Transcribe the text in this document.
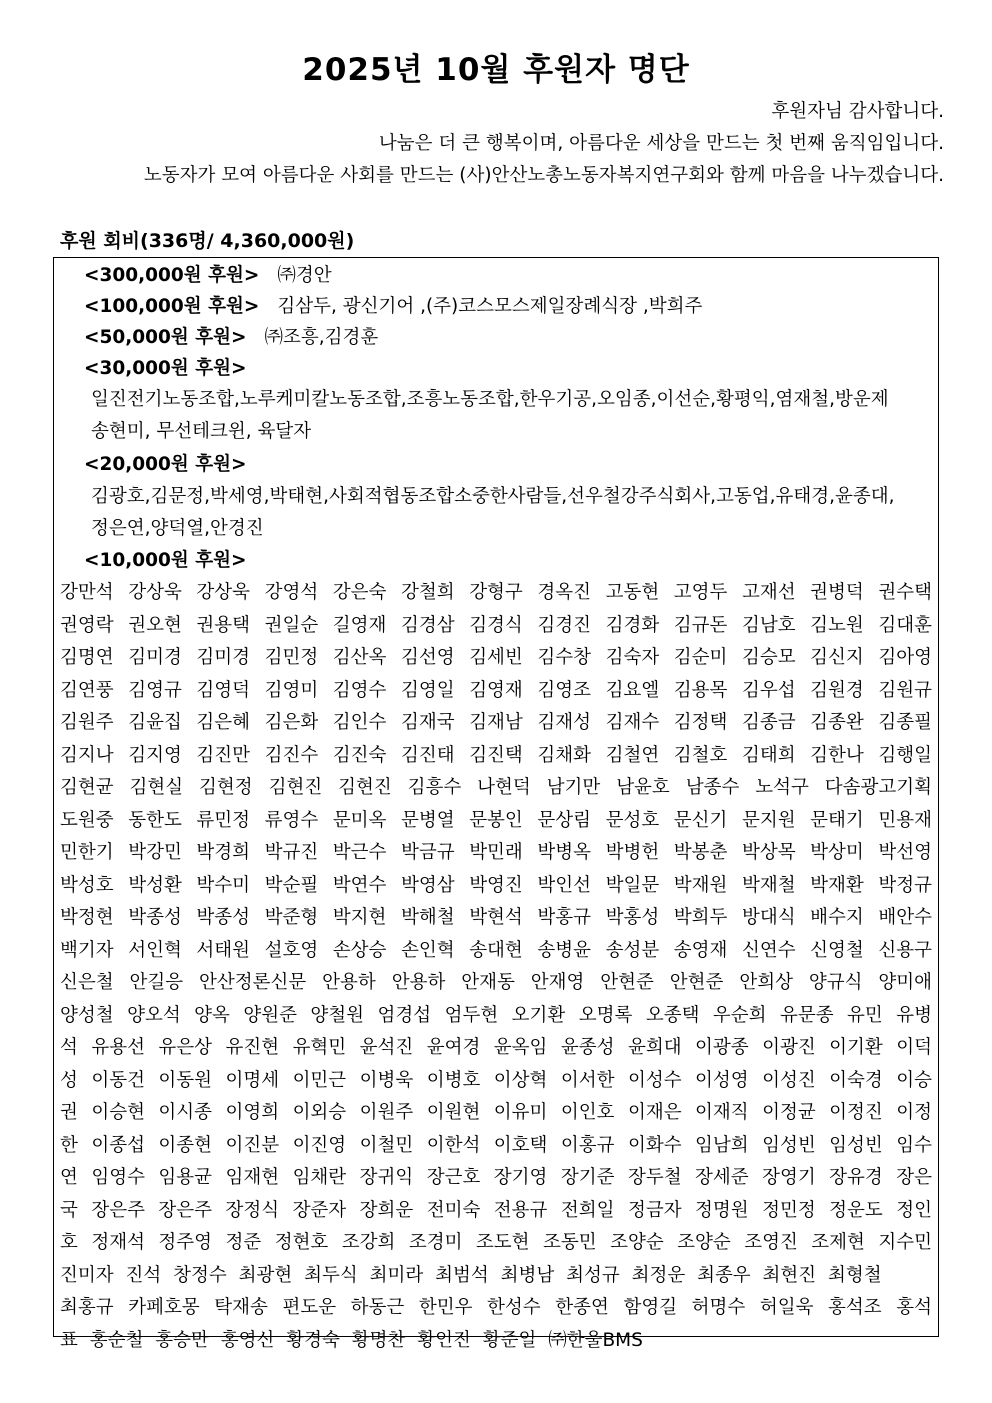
2025년 10월 후원자 명단
후원자님 감사합니다.
나눔은 더 큰 행복이며, 아름다운 세상을 만드는 첫 번째 움직임입니다.
노동자가 모여 아름다운 사회를 만드는 (사)안산노총노동자복지연구회와 함께 마음을 나누겠습니다.
후원 회비(336명/ 4,360,000원)
<300,000원 후원> ㈜경안
<100,000원 후원> 김삼두, 광신기어 ,(주)코스모스제일장례식장 ,박희주
<50,000원 후원> ㈜조흥,김경훈
<30,000원 후원>
일진전기노동조합,노루케미칼노동조합,조흥노동조합,한우기공,오임종,이선순,황평익,염재철,방운제
송현미, 무선테크윈, 육달자
<20,000원 후원>
김광호,김문정,박세영,박태현,사회적협동조합소중한사람들,선우철강주식회사,고동업,유태경,윤종대,
정은연,양덕열,안경진
<10,000원 후원>
강만석 강상욱 강상욱 강영석 강은숙 강철희 강형구 경옥진 고동현 고영두 고재선 권병덕 권수택
권영락 권오현 권용택 권일순 길영재 김경삼 김경식 김경진 김경화 김규돈 김남호 김노원 김대훈
김명연 김미경 김미경 김민정 김산옥 김선영 김세빈 김수창 김숙자 김순미 김승모 김신지 김아영
김연풍 김영규 김영덕 김영미 김영수 김영일 김영재 김영조 김요엘 김용목 김우섭 김원경 김원규
김원주 김윤집 김은혜 김은화 김인수 김재국 김재남 김재성 김재수 김정택 김종금 김종완 김종필
김지나 김지영 김진만 김진수 김진숙 김진태 김진택 김채화 김철연 김철호 김태희 김한나 김행일
김현균 김현실 김현정 김현진 김현진 김흥수 나현덕 남기만 남윤호 남종수 노석구 다솜광고기획
도원중 동한도 류민정 류영수 문미옥 문병열 문봉인 문상림 문성호 문신기 문지원 문태기 민용재
민한기 박강민 박경희 박규진 박근수 박금규 박민래 박병옥 박병헌 박봉춘 박상목 박상미 박선영
박성호 박성환 박수미 박순필 박연수 박영삼 박영진 박인선 박일문 박재원 박재철 박재환 박정규
박정현 박종성 박종성 박준형 박지현 박해철 박현석 박홍규 박홍성 박희두 방대식 배수지 배안수
백기자 서인혁 서태원 설호영 손상승 손인혁 송대현 송병윤 송성분 송영재 신연수 신영철 신용구
신은철 안길응 안산정론신문 안용하 안용하 안재동 안재영 안현준 안현준 안희상 양규식 양미애
양성철 양오석 양옥 양원준 양철원 엄경섭 엄두현 오기환 오명록 오종택 우순희 유문종 유민 유병
석 유용선 유은상 유진현 유혁민 윤석진 윤여경 윤옥임 윤종성 윤희대 이광종 이광진 이기환 이덕
성 이동건 이동원 이명세 이민근 이병욱 이병호 이상혁 이서한 이성수 이성영 이성진 이숙경 이승
권 이승현 이시종 이영희 이외승 이원주 이원현 이유미 이인호 이재은 이재직 이정균 이정진 이정
한 이종섭 이종현 이진분 이진영 이철민 이한석 이호택 이홍규 이화수 임남희 임성빈 임성빈 임수
연 임영수 임용균 임재현 임채란 장귀익 장근호 장기영 장기준 장두철 장세준 장영기 장유경 장은
국 장은주 장은주 장정식 장준자 장희운 전미숙 전용규 전희일 정금자 정명원 정민정 정운도 정인
호 정재석 정주영 정준 정현호 조강희 조경미 조도현 조동민 조양순 조양순 조영진 조제현 지수민
진미자 진석 창정수 최광현 최두식 최미라 최범석 최병남 최성규 최정운 최종우 최현진 최형철
최홍규 카페호몽 탁재송 편도운 하동근 한민우 한성수 한종연 함영길 허명수 허일욱 홍석조 홍석
표 홍순철 홍승만 홍영신 황경숙 황명찬 황인진 황준일 ㈜한울BMS
